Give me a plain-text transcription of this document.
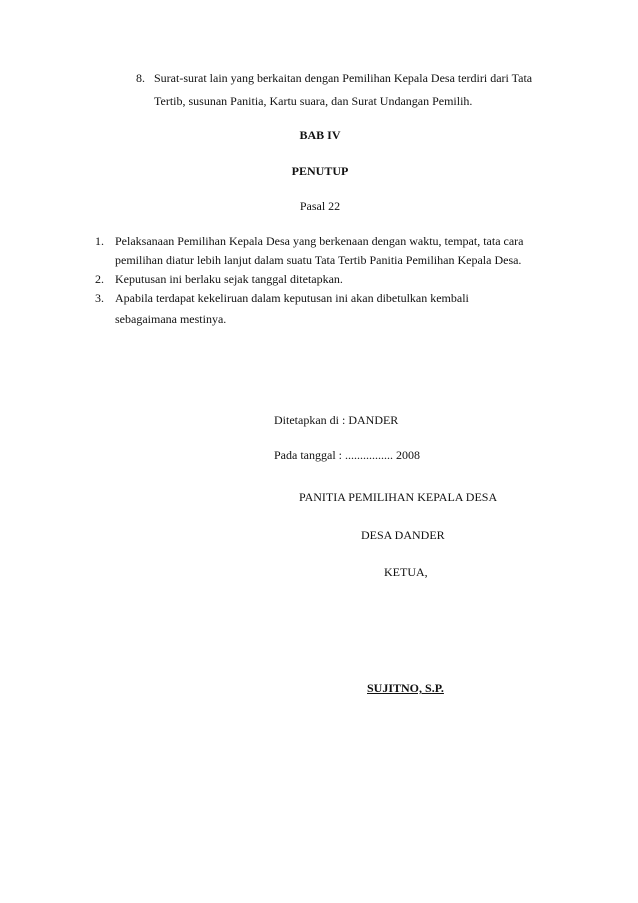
8. Surat-surat lain yang berkaitan dengan Pemilihan Kepala Desa terdiri dari Tata
Tertib, susunan Panitia, Kartu suara, dan Surat Undangan Pemilih.
BAB IV
PENUTUP
Pasal 22
1. Pelaksanaan Pemilihan Kepala Desa yang berkenaan dengan waktu, tempat, tata cara
pemilihan diatur lebih lanjut dalam suatu Tata Tertib Panitia Pemilihan Kepala Desa.
2. Keputusan ini berlaku sejak tanggal ditetapkan.
3. Apabila terdapat kekeliruan dalam keputusan ini akan dibetulkan kembali
sebagaimana mestinya.
Ditetapkan di : DANDER
Pada tanggal : ................ 2008
PANITIA PEMILIHAN KEPALA DESA
DESA DANDER
KETUA,
SUJITNO, S.P.
